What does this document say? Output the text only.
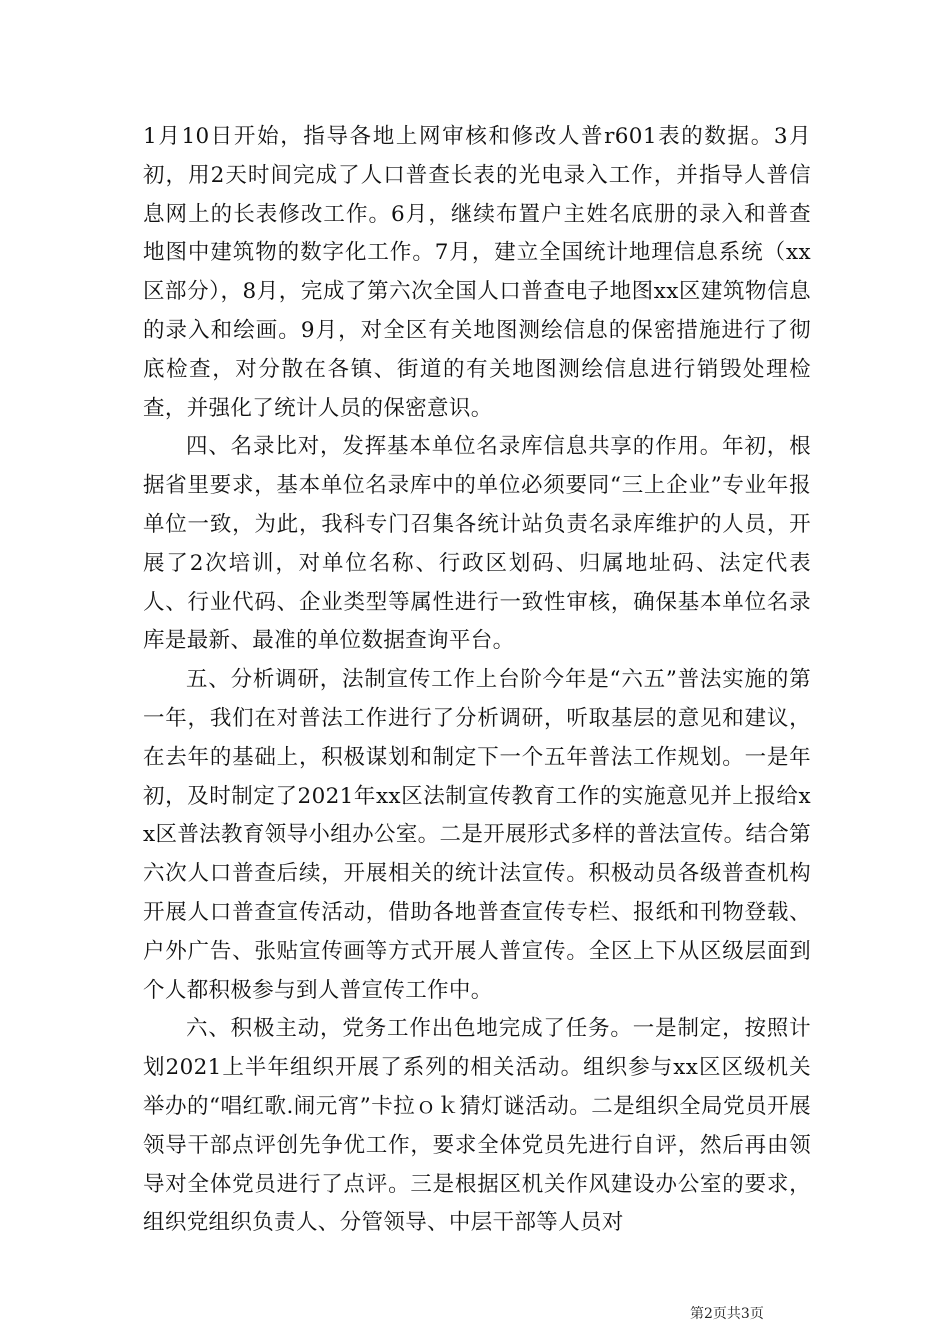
1月10日开始，指导各地上网审核和修改人普r601表的数据。3月初，用2天时间完成了人口普查长表的光电录入工作，并指导人普信息网上的长表修改工作。6月，继续布置户主姓名底册的录入和普查地图中建筑物的数字化工作。7月，建立全国统计地理信息系统（xx区部分），8月，完成了第六次全国人口普查电子地图xx区建筑物信息的录入和绘画。9月，对全区有关地图测绘信息的保密措施进行了彻底检查，对分散在各镇、街道的有关地图测绘信息进行销毁处理检查，并强化了统计人员的保密意识。

四、名录比对，发挥基本单位名录库信息共享的作用。年初，根据省里要求，基本单位名录库中的单位必须要同“三上企业”专业年报单位一致，为此，我科专门召集各统计站负责名录库维护的人员，开展了2次培训，对单位名称、行政区划码、归属地址码、法定代表人、行业代码、企业类型等属性进行一致性审核，确保基本单位名录库是最新、最准的单位数据查询平台。

五、分析调研，法制宣传工作上台阶今年是“六五”普法实施的第一年，我们在对普法工作进行了分析调研，听取基层的意见和建议，在去年的基础上，积极谋划和制定下一个五年普法工作规划。一是年初，及时制定了2021年xx区法制宣传教育工作的实施意见并上报给xx区普法教育领导小组办公室。二是开展形式多样的普法宣传。结合第六次人口普查后续，开展相关的统计法宣传。积极动员各级普查机构开展人口普查宣传活动，借助各地普查宣传专栏、报纸和刊物登载、户外广告、张贴宣传画等方式开展人普宣传。全区上下从区级层面到个人都积极参与到人普宣传工作中。

六、积极主动，党务工作出色地完成了任务。一是制定，按照计划2021上半年组织开展了系列的相关活动。组织参与xx区区级机关举办的“唱红歌.闹元宵”卡拉ｏｋ猜灯谜活动。二是组织全局党员开展领导干部点评创先争优工作，要求全体党员先进行自评，然后再由领导对全体党员进行了点评。三是根据区机关作风建设办公室的要求，组织党组织负责人、分管领导、中层干部等人员对

第2页共3页
